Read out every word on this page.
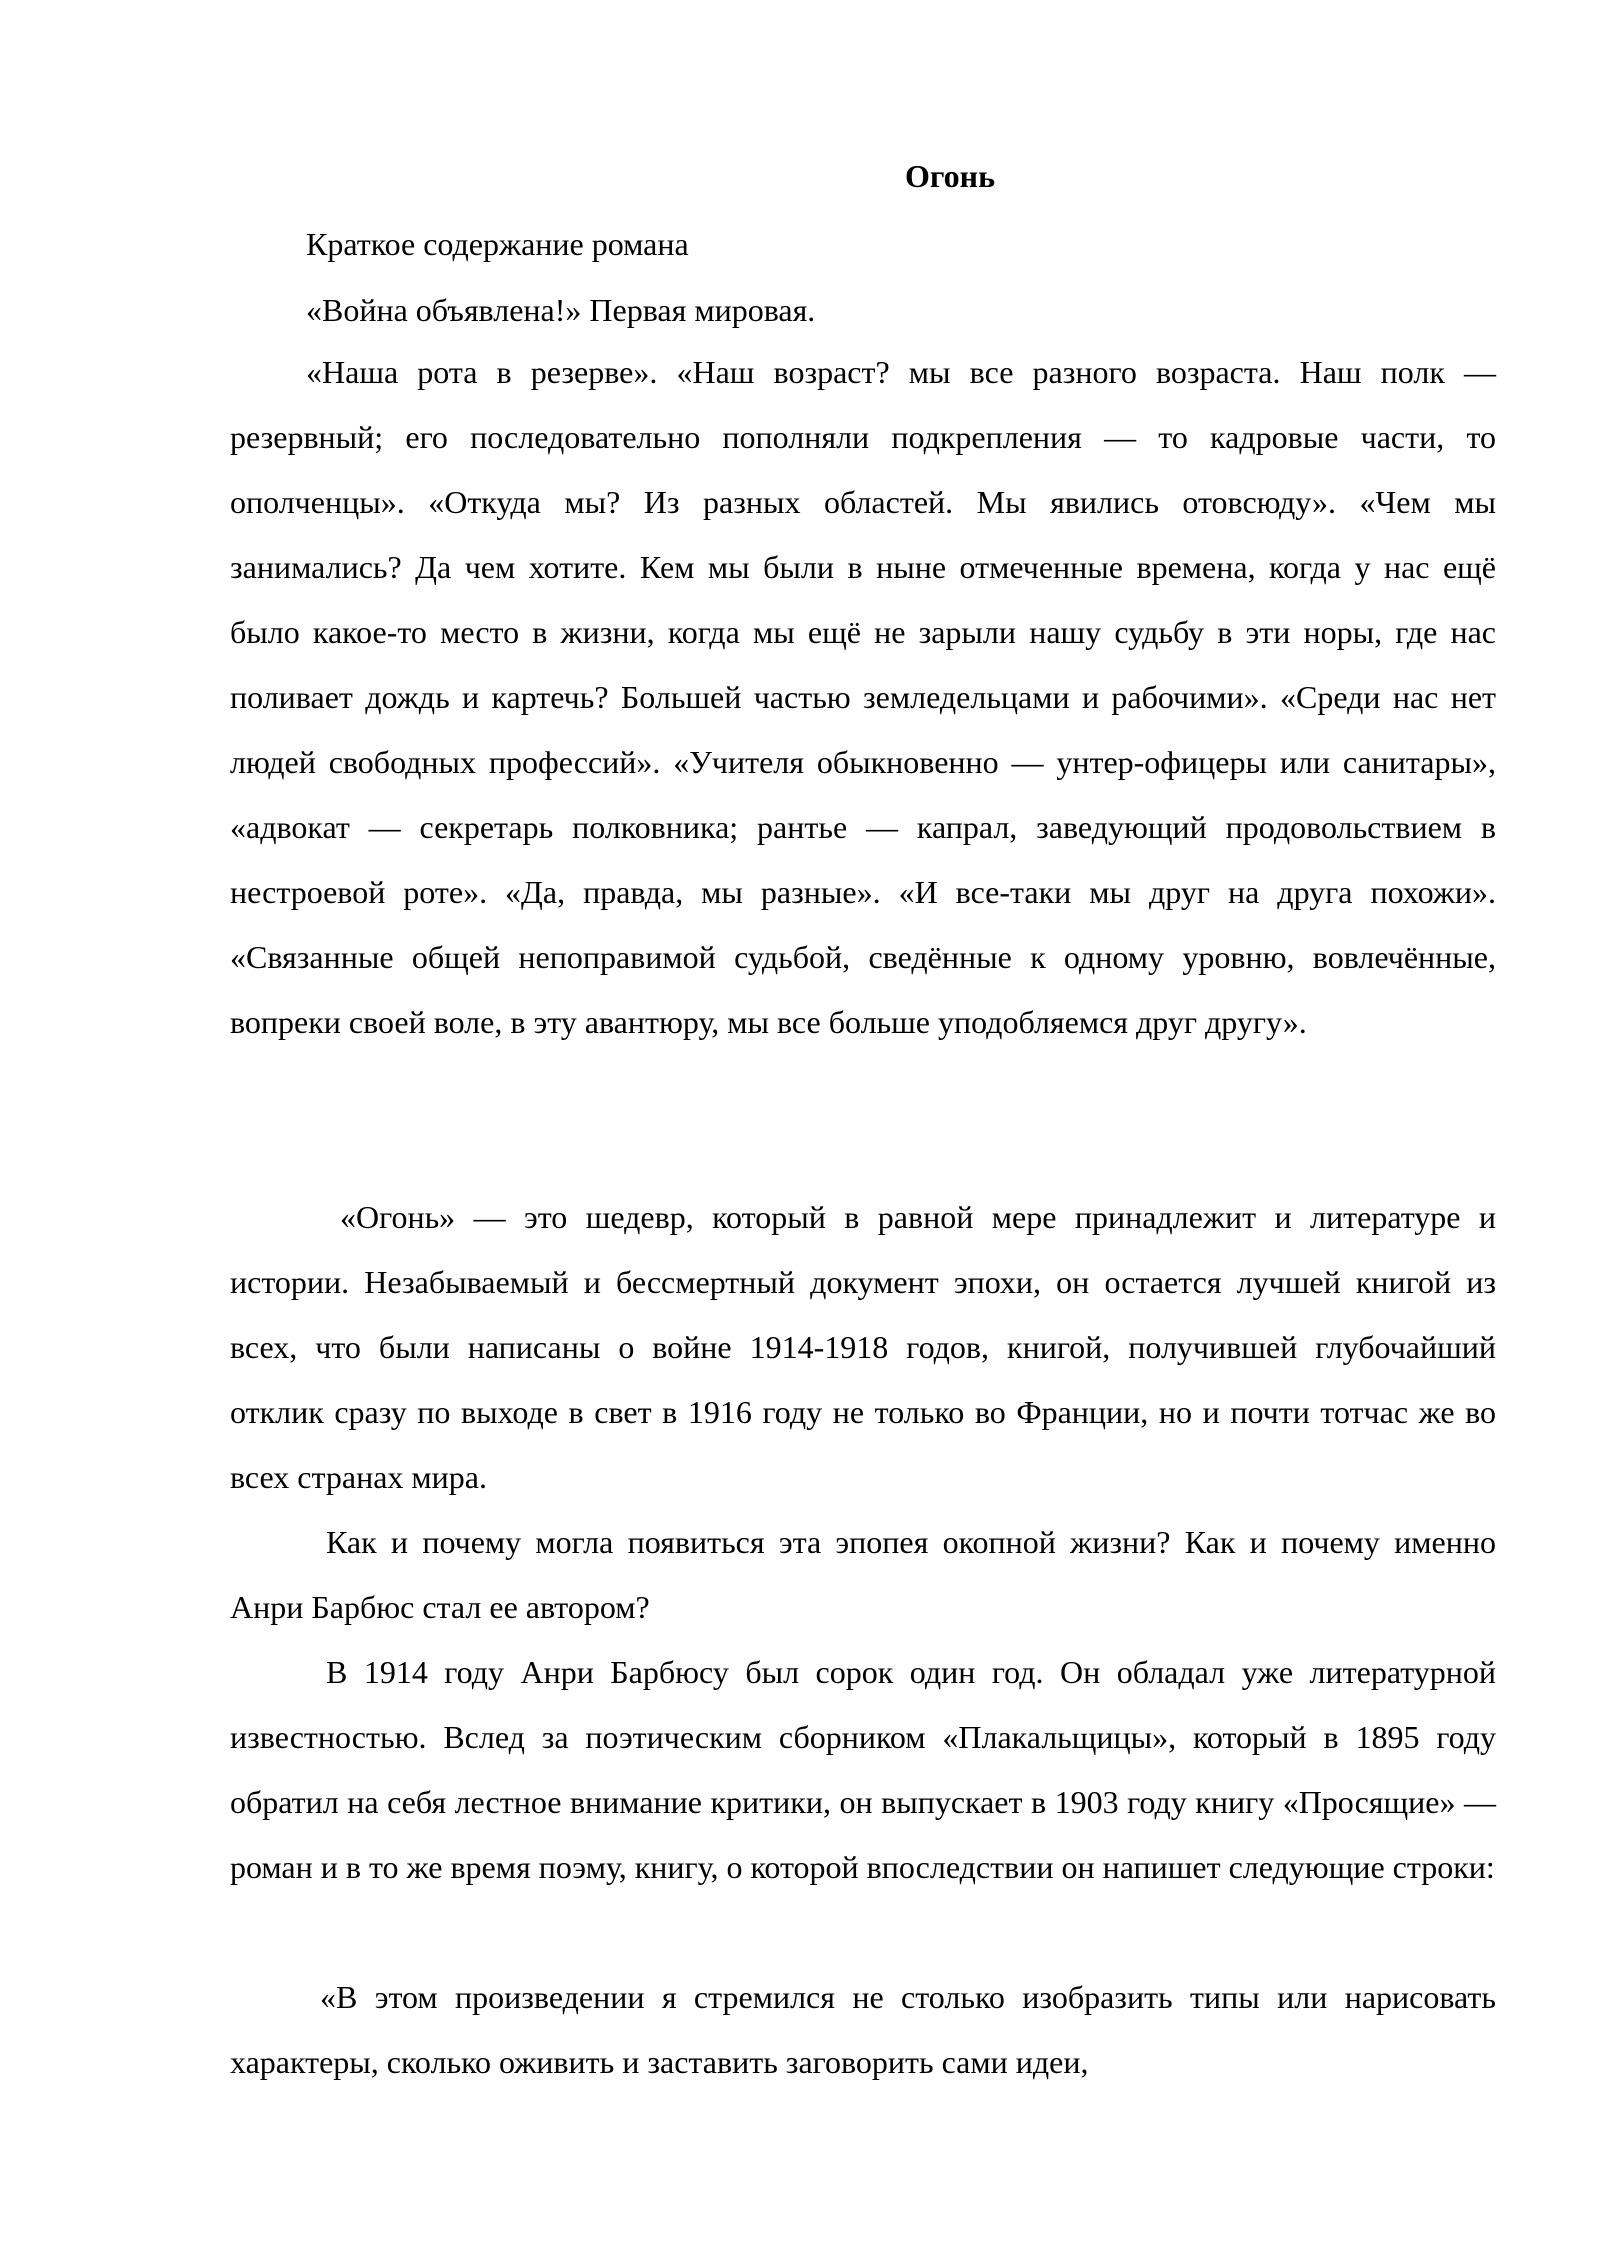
Огонь
Краткое содержание романа
«Война объявлена!» Первая мировая.

«Наша рота в резерве». «Наш возраст? мы все разного возраста. Наш полк — резервный; его последовательно пополняли подкрепления — то кадровые части, то ополченцы». «Откуда мы? Из разных областей. Мы явились отовсюду». «Чем мы занимались? Да чем хотите. Кем мы были в ныне отмеченные времена, когда у нас ещё было какое-то место в жизни, когда мы ещё не зарыли нашу судьбу в эти норы, где нас поливает дождь и картечь? Большей частью земледельцами и рабочими». «Среди нас нет людей свободных профессий». «Учителя обыкновенно — унтер-офицеры или санитары», «адвокат — секретарь полковника; рантье — капрал, заведующий продовольствием в нестроевой роте». «Да, правда, мы разные». «И все-таки мы друг на друга похожи». «Связанные общей непоправимой судьбой, сведённые к одному уровню, вовлечённые, вопреки своей воле, в эту авантюру, мы все больше уподобляемся друг другу».

«Огонь» — это шедевр, который в равной мере принадлежит и литературе и истории. Незабываемый и бессмертный документ эпохи, он остается лучшей книгой из всех, что были написаны о войне 1914-1918 годов, книгой, получившей глубочайший отклик сразу по выходе в свет в 1916 году не только во Франции, но и почти тотчас же во всех странах мира.

Как и почему могла появиться эта эпопея окопной жизни? Как и почему именно Анри Барбюс стал ее автором?

В 1914 году Анри Барбюсу был сорок один год. Он обладал уже литературной известностью. Вслед за поэтическим сборником «Плакальщицы», который в 1895 году обратил на себя лестное внимание критики, он выпускает в 1903 году книгу «Просящие» — роман и в то же время поэму, книгу, о которой впоследствии он напишет следующие строки:

«В этом произведении я стремился не столько изобразить типы или нарисовать характеры, сколько оживить и заставить заговорить сами идеи,
